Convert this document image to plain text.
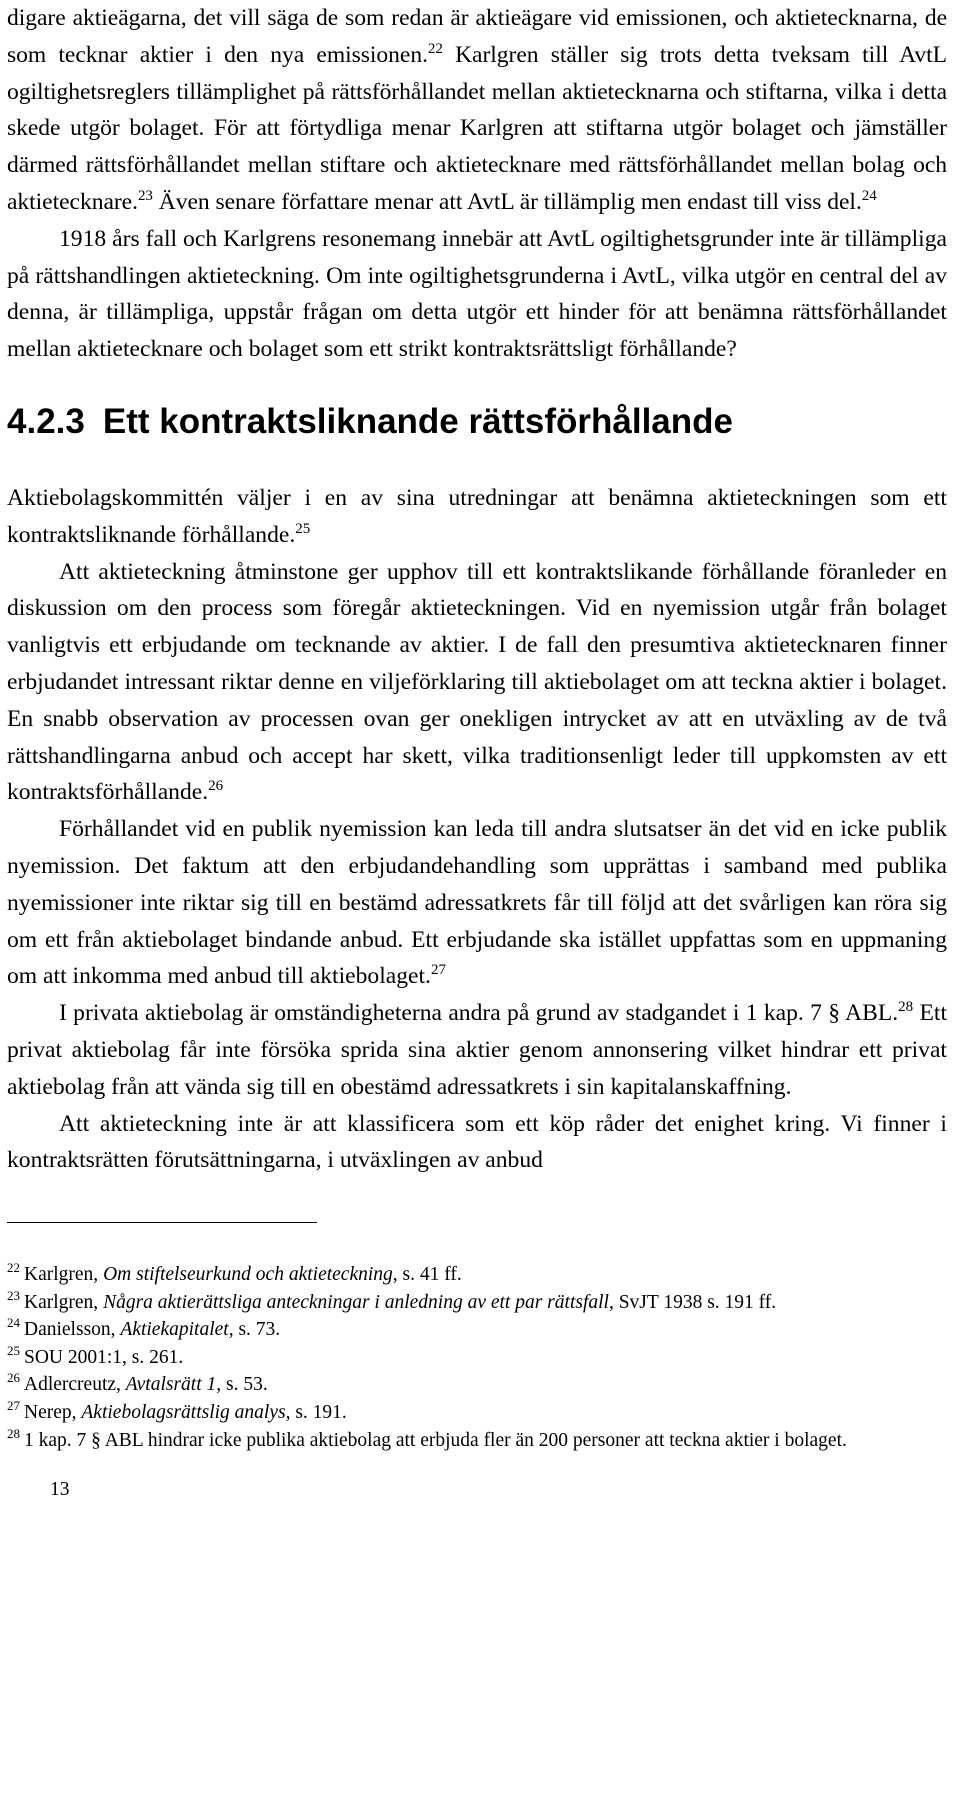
digare aktieägarna, det vill säga de som redan är aktieägare vid emissionen, och aktietecknarna, de som tecknar aktier i den nya emissionen.$^{22}$ Karlgren ställer sig trots detta tveksam till AvtL ogiltighetsreglers tillämplighet på rättsförhållandet mellan aktietecknarna och stiftarna, vilka i detta skede utgör bolaget. För att förtydliga menar Karlgren att stiftarna utgör bolaget och jämställer därmed rättsförhållandet mellan stiftare och aktietecknare med rättsförhållandet mellan bolag och aktietecknare.$^{23}$ Även senare författare menar att AvtL är tillämplig men endast till viss del.$^{24}$

1918 års fall och Karlgrens resonemang innebär att AvtL ogiltighetsgrunder inte är tillämpliga på rättshandlingen aktieteckning. Om inte ogiltighetsgrunderna i AvtL, vilka utgör en central del av denna, är tillämpliga, uppstår frågan om detta utgör ett hinder för att benämna rättsförhållandet mellan aktietecknare och bolaget som ett strikt kontraktsrättsligt förhållande?

4.2.3 Ett kontraktsliknande rättsförhållande

Aktiebolagskommittén väljer i en av sina utredningar att benämna aktieteckningen som ett kontraktsliknande förhållande.$^{25}$

Att aktieteckning åtminstone ger upphov till ett kontraktslikande förhållande föranleder en diskussion om den process som föregår aktieteckningen. Vid en nyemission utgår från bolaget vanligtvis ett erbjudande om tecknande av aktier. I de fall den presumtiva aktietecknaren finner erbjudandet intressant riktar denne en viljeförklaring till aktiebolaget om att teckna aktier i bolaget. En snabb observation av processen ovan ger onekligen intrycket av att en utväxling av de två rättshandlingarna anbud och accept har skett, vilka traditionsenligt leder till uppkomsten av ett kontraktsförhållande.$^{26}$

Förhållandet vid en publik nyemission kan leda till andra slutsatser än det vid en icke publik nyemission. Det faktum att den erbjudandehandling som upprättas i samband med publika nyemissioner inte riktar sig till en bestämd adressatkrets får till följd att det svårligen kan röra sig om ett från aktiebolaget bindande anbud. Ett erbjudande ska istället uppfattas som en uppmaning om att inkomma med anbud till aktiebolaget.$^{27}$

I privata aktiebolag är omständigheterna andra på grund av stadgandet i 1 kap. 7 § ABL.$^{28}$ Ett privat aktiebolag får inte försöka sprida sina aktier genom annonsering vilket hindrar ett privat aktiebolag från att vända sig till en obestämd adressatkrets i sin kapitalanskaffning.

Att aktieteckning inte är att klassificera som ett köp råder det enighet kring. Vi finner i kontraktsrätten förutsättningarna, i utväxlingen av anbud

$^{22}$ Karlgren, Om stiftelseurkund och aktieteckning, s. 41 ff.

$^{23}$ Karlgren, Några aktierättsliga anteckningar i anledning av ett par rättsfall, SvJT 1938 s. 191 ff.

$^{24}$ Danielsson, Aktiekapitalet, s. 73.

$^{25}$ SOU 2001:1, s. 261.

$^{26}$ Adlercreutz, Avtalsrätt 1, s. 53.

$^{27}$ Nerep, Aktiebolagsrättslig analys, s. 191.

$^{28}$ 1 kap. 7 § ABL hindrar icke publika aktiebolag att erbjuda fler än 200 personer att teckna aktier i bolaget.

13
